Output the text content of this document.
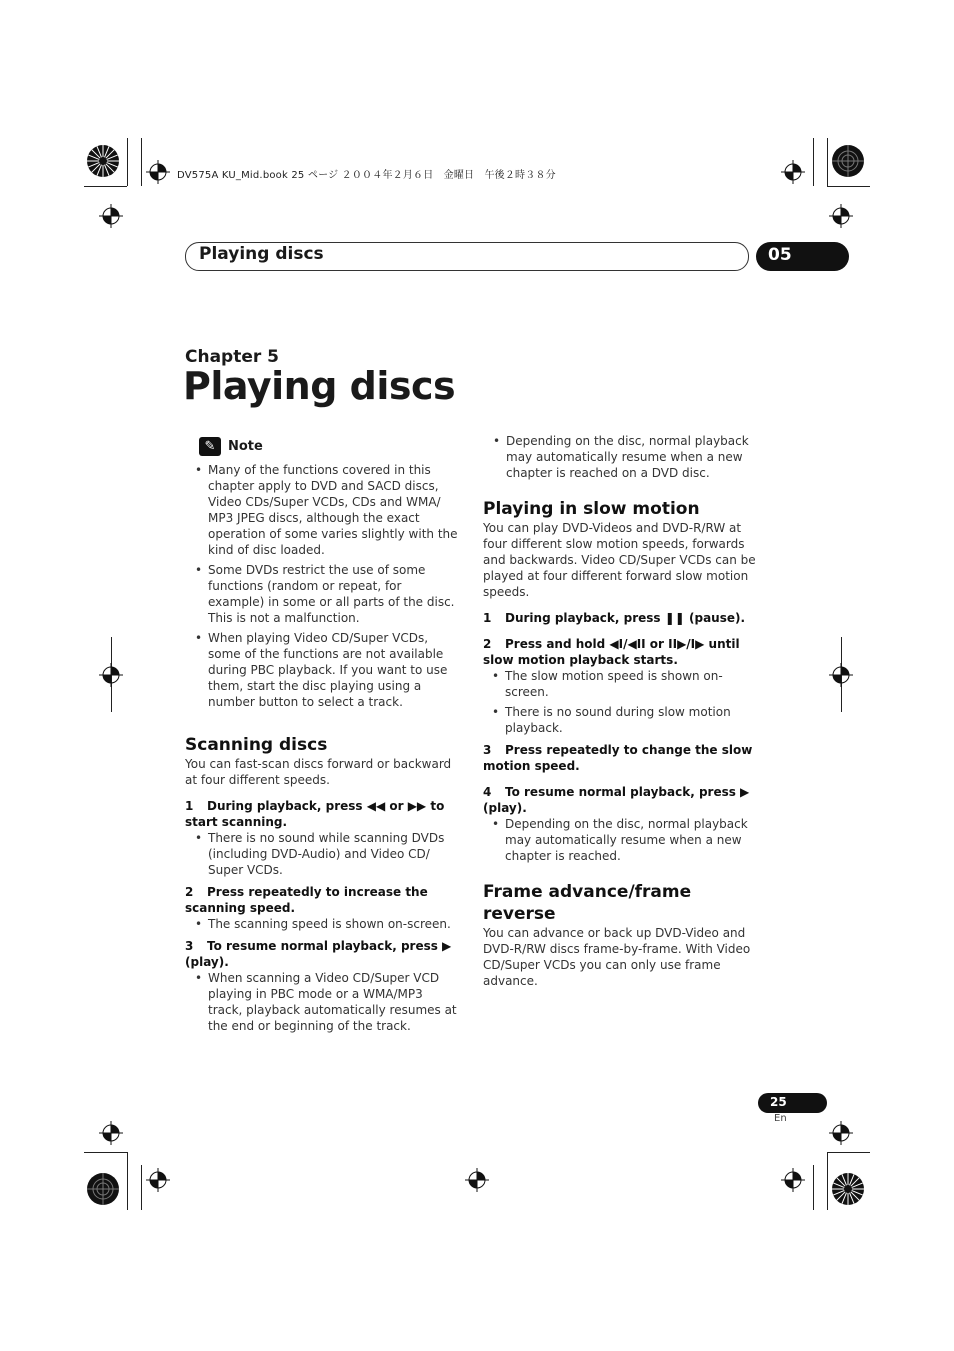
DV575A KU_Mid.book 25 ページ ２００４年２月６日　金曜日　午後２時３８分
Playing discs	05
Chapter 5
Playing discs
✎ Note
• Many of the functions covered in this chapter apply to DVD and SACD discs, Video CDs/Super VCDs, CDs and WMA/ MP3 JPEG discs, although the exact operation of some varies slightly with the kind of disc loaded.
• Some DVDs restrict the use of some functions (random or repeat, for example) in some or all parts of the disc. This is not a malfunction.
• When playing Video CD/Super VCDs, some of the functions are not available during PBC playback. If you want to use them, start the disc playing using a number button to select a track.
Scanning discs

You can fast-scan discs forward or backward at four different speeds.

1 During playback, press ◀◀ or ▶▶ to start scanning.

• There is no sound while scanning DVDs (including DVD-Audio) and Video CD/ Super VCDs.

2 Press repeatedly to increase the scanning speed.

• The scanning speed is shown on-screen.

3 To resume normal playback, press ▶ (play).

• When scanning a Video CD/Super VCD playing in PBC mode or a WMA/MP3 track, playback automatically resumes at the end or beginning of the track.
• Depending on the disc, normal playback may automatically resume when a new chapter is reached on a DVD disc.
Playing in slow motion

You can play DVD-Videos and DVD-R/RW at four different slow motion speeds, forwards and backwards. Video CD/Super VCDs can be played at four different forward slow motion speeds.

1 During playback, press ❚❚ (pause).

2 Press and hold ◀I/◀II or II▶/I▶ until slow motion playback starts.

• The slow motion speed is shown on-screen.
• There is no sound during slow motion playback.

3 Press repeatedly to change the slow motion speed.

4 To resume normal playback, press ▶ (play).

• Depending on the disc, normal playback may automatically resume when a new chapter is reached.
Frame advance/frame reverse

You can advance or back up DVD-Video and DVD-R/RW discs frame-by-frame. With Video CD/Super VCDs you can only use frame advance.

25
En
